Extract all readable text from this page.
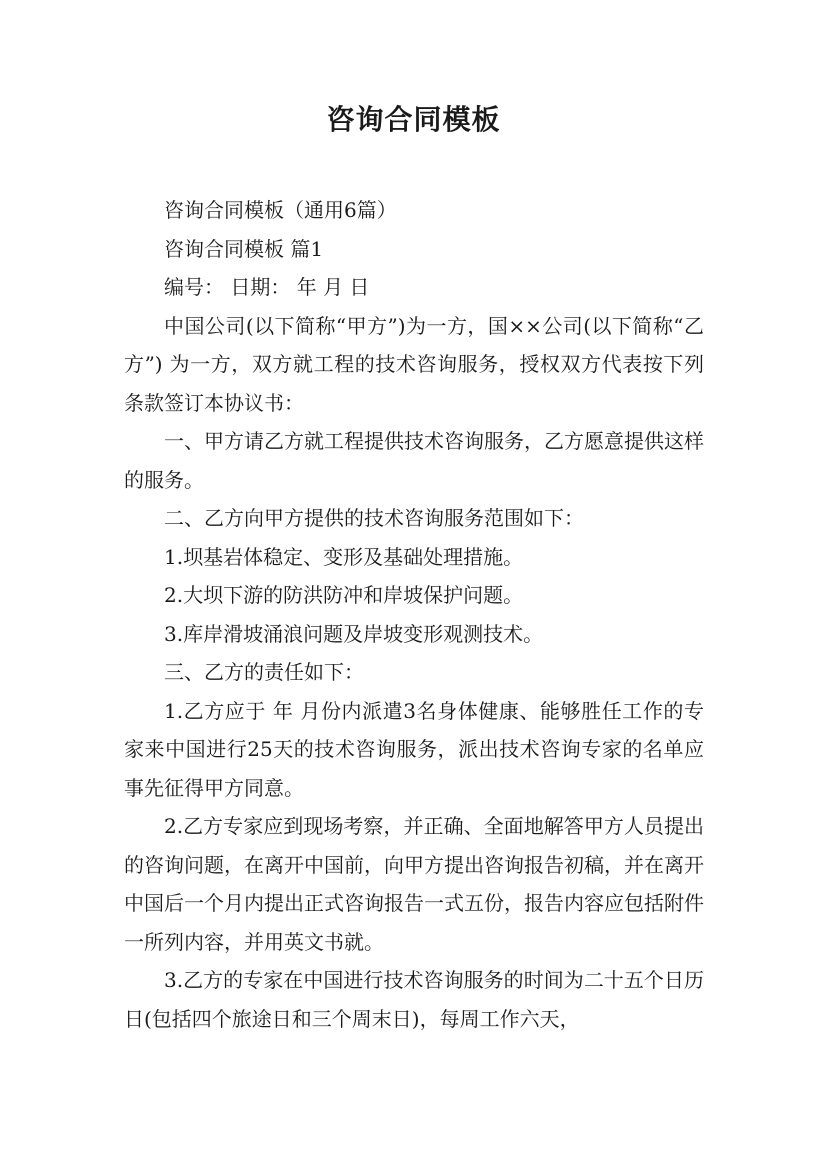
咨询合同模板

咨询合同模板（通用6篇）

咨询合同模板 篇1

编号： 日期： 年 月 日

中国公司(以下简称“甲方”)为一方，国××公司(以下简称“乙方”) 为一方，双方就工程的技术咨询服务，授权双方代表按下列条款签订本协议书：

一、甲方请乙方就工程提供技术咨询服务，乙方愿意提供这样的服务。

二、乙方向甲方提供的技术咨询服务范围如下：

1.坝基岩体稳定、变形及基础处理措施。

2.大坝下游的防洪防冲和岸坡保护问题。

3.库岸滑坡涌浪问题及岸坡变形观测技术。

三、乙方的责任如下：

1.乙方应于 年 月份内派遣3名身体健康、能够胜任工作的专家来中国进行25天的技术咨询服务，派出技术咨询专家的名单应事先征得甲方同意。

2.乙方专家应到现场考察，并正确、全面地解答甲方人员提出的咨询问题，在离开中国前，向甲方提出咨询报告初稿，并在离开中国后一个月内提出正式咨询报告一式五份，报告内容应包括附件一所列内容，并用英文书就。

3.乙方的专家在中国进行技术咨询服务的时间为二十五个日历日(包括四个旅途日和三个周末日)，每周工作六天，
